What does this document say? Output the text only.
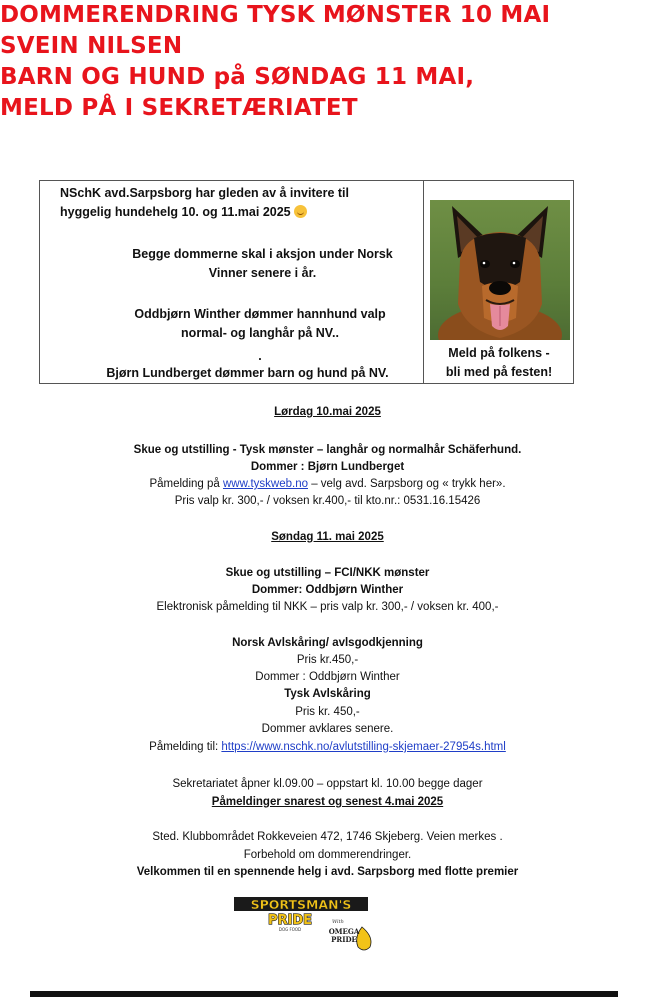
DOMMERENDRING TYSK MØNSTER 10 MAI
SVEIN NILSEN
BARN OG HUND på SØNDAG 11 MAI,
MELD PÅ I SEKRETÆRIATET
NSchK avd.Sarpsborg har gleden av å invitere til
hyggelig hundehelg 10. og 11.mai 2025
Begge dommerne skal i aksjon under Norsk
Vinner senere i år.
Oddbjørn Winther dømmer hannhund valp
normal- og langhår på NV..
.
Bjørn Lundberget dømmer barn og hund på NV.
Meld på folkens -
bli med på festen!
Lørdag 10.mai 2025
Skue og utstilling - Tysk mønster – langhår og normalhår Schäferhund.
Dommer : Bjørn Lundberget
Påmelding på www.tyskweb.no – velg avd. Sarpsborg og « trykk her».
Pris valp kr. 300,- / voksen kr.400,- til kto.nr.: 0531.16.15426
Søndag 11. mai 2025
Skue og utstilling – FCI/NKK mønster
Dommer: Oddbjørn Winther
Elektronisk påmelding til NKK – pris valp kr. 300,- / voksen kr. 400,-
Norsk Avlskåring/ avlsgodkjenning
Pris kr.450,-
Dommer : Oddbjørn Winther
Tysk Avlskåring
Pris kr. 450,-
Dommer avklares senere.
Påmelding til: https://www.nschk.no/avlutstilling-skjemaer-27954s.html
Sekretariatet åpner kl.09.00 – oppstart kl. 10.00 begge dager
Påmeldinger snarest og senest 4.mai 2025
Sted. Klubbområdet Rokkeveien 472, 1746 Skjeberg. Veien merkes .
Forbehold om dommerendringer.
Velkommen til en spennende helg i avd. Sarpsborg med flotte premier
SPORTSMAN'S
PRIDE
DOG FOOD
With
OMEGA
PRIDE
